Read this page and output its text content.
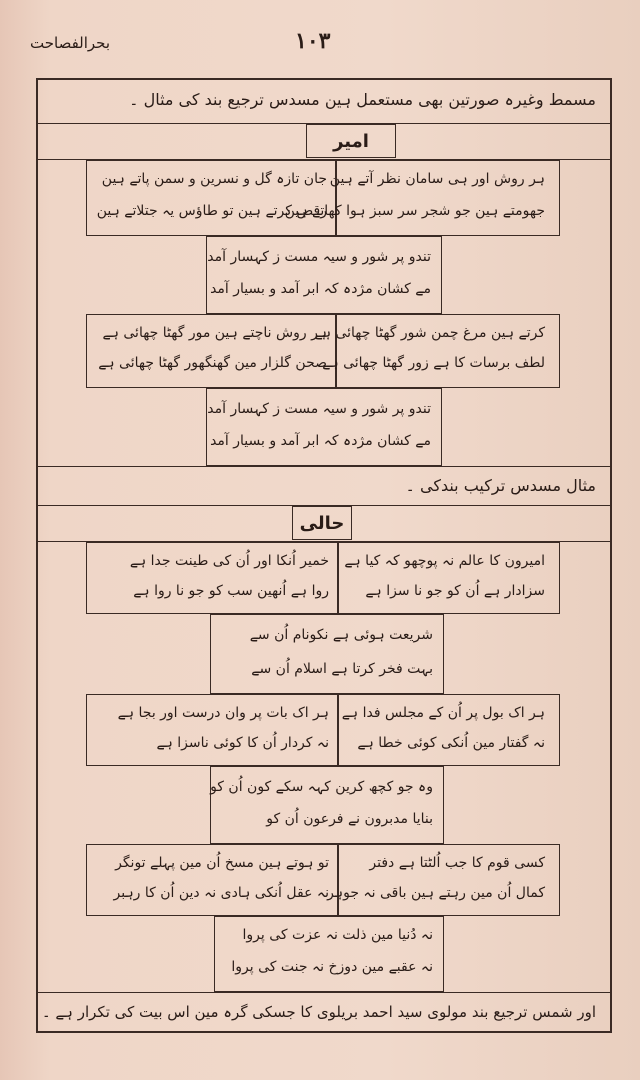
بحرالفصاحت	۱۰۳
مسمط وغیرہ صورتین بھی مستعمل ہین مسدس ترجیع بند کی مثال ۔
امیر
جان تازہ گل و نسرین و سمن پاتے ہین
رقص کرتے ہین تو طاؤس یہ جتلاتے ہین
ہر روش اور ہی سامان نظر آتے ہین
جھومتے ہین جو شجر سر سبز ہوا کھاتے ہین
تندو پر شور و سیہ مست ز کہسار آمد
مے کشان مژدہ کہ ابر آمد و بسیار آمد
ہر روش ناچتے ہین مور گھٹا چھائی ہے
صحن گلزار مین گھنگھور گھٹا چھائی ہے
کرتے ہین مرغ چمن شور گھٹا چھائی ہے
لطف برسات کا ہے زور گھٹا چھائی ہے
تندو پر شور و سیہ مست ز کہسار آمد
مے کشان مژدہ کہ ابر آمد و بسیار آمد
مثال مسدس ترکیب بندکی ۔
حالی
خمیر اُنکا اور اُن کی طینت جدا ہے
روا ہے اُنھین سب کو جو نا روا ہے
امیرون کا عالم نہ پوچھو کہ کیا ہے
سزادار ہے اُن کو جو نا سزا ہے
شریعت ہوئی ہے نکونام اُن سے
بہت فخر کرتا ہے اسلام اُن سے
ہر اک بات پر وان درست اور بجا ہے
نہ کردار اُن کا کوئی ناسزا ہے
ہر اک بول پر اُن کے مجلس فدا ہے
نہ گفتار مین اُنکی کوئی خطا ہے
وہ جو کچھ کرین کہہ سکے کون اُن کو
بنایا مدبرون نے فرعون اُن کو
تو ہوتے ہین مسخ اُن مین پہلے تونگر
نہ عقل اُنکی ہادی نہ دین اُن کا رہبر
کسی قوم کا جب اُلٹتا ہے دفتر
کمال اُن مین رہتے ہین باقی نہ جوہر
نہ دُنیا مین ذلت نہ عزت کی پروا
نہ عقبے مین دوزخ نہ جنت کی پروا
اور شمس ترجیع بند مولوی سید احمد بریلوی کا جسکی گرہ مین اس بیت کی تکرار ہے ۔
